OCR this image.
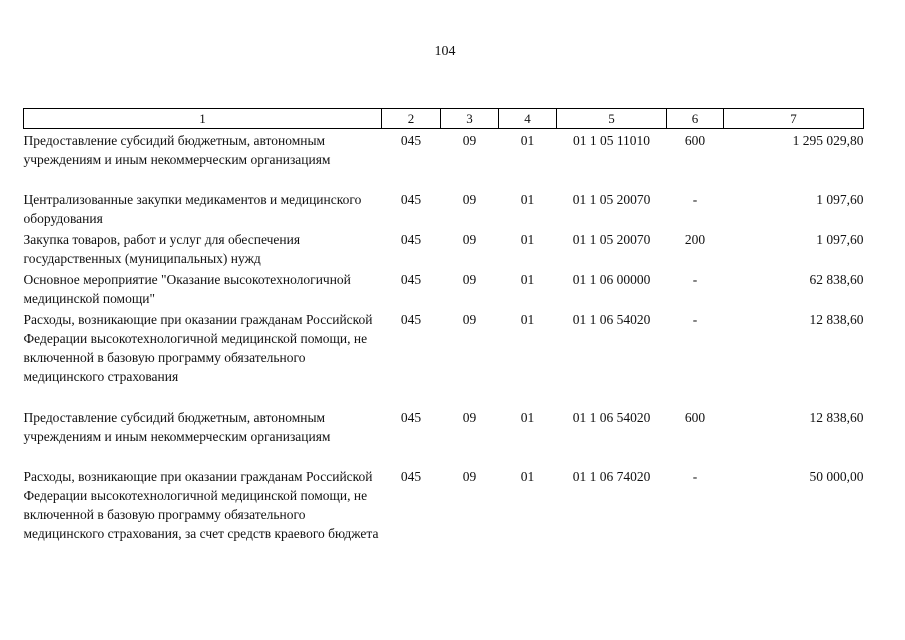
104
1	2	3	4	5	6	7
Предоставление субсидий бюджетным, автономным учреждениям и иным некоммерческим организациям	045	09	01	01 1 05 11010	600	1 295 029,80
Централизованные закупки медикаментов и медицинского оборудования	045	09	01	01 1 05 20070	-	1 097,60
Закупка товаров, работ и услуг для обеспечения государственных (муниципальных) нужд	045	09	01	01 1 05 20070	200	1 097,60
Основное мероприятие "Оказание высокотехнологичной медицинской помощи"	045	09	01	01 1 06 00000	-	62 838,60
Расходы, возникающие при оказании гражданам Российской Федерации высокотехнологичной медицинской помощи, не включенной в базовую программу обязательного медицинского страхования	045	09	01	01 1 06 54020	-	12 838,60
Предоставление субсидий бюджетным, автономным учреждениям и иным некоммерческим организациям	045	09	01	01 1 06 54020	600	12 838,60
Расходы, возникающие при оказании гражданам Российской Федерации высокотехнологичной медицинской помощи, не включенной в базовую программу обязательного медицинского страхования, за счет средств краевого бюджета	045	09	01	01 1 06 74020	-	50 000,00
